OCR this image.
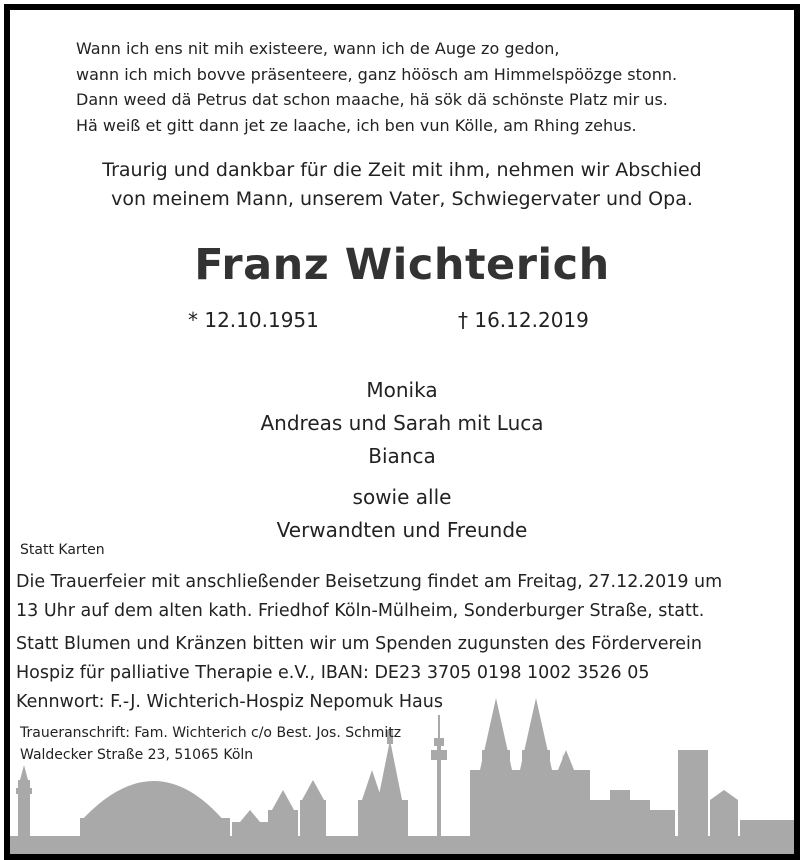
Wann ich ens nit mih existeere, wann ich de Auge zo gedon,
wann ich mich bovve präsenteere, ganz höösch am Himmelspöözge stonn.
Dann weed dä Petrus dat schon maache, hä sök dä schönste Platz mir us.
Hä weiß et gitt dann jet ze laache, ich ben vun Kölle, am Rhing zehus.
Traurig und dankbar für die Zeit mit ihm, nehmen wir Abschied
von meinem Mann, unserem Vater, Schwiegervater und Opa.
Franz Wichterich
* 12.10.1951	† 16.12.2019
Monika
Andreas und Sarah mit Luca
Bianca
sowie alle
Verwandten und Freunde
Statt Karten
Die Trauerfeier mit anschließender Beisetzung findet am Freitag, 27.12.2019 um
13 Uhr auf dem alten kath. Friedhof Köln-Mülheim, Sonderburger Straße, statt.
Statt Blumen und Kränzen bitten wir um Spenden zugunsten des Förderverein
Hospiz für palliative Therapie e.V., IBAN: DE23 3705 0198 1002 3526 05
Kennwort: F.-J. Wichterich-Hospiz Nepomuk Haus
Traueranschrift: Fam. Wichterich c/o Best. Jos. Schmitz
Waldecker Straße 23, 51065 Köln
